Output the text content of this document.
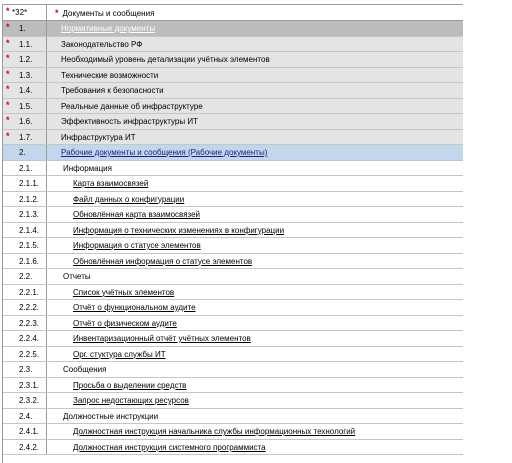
* *32*	* Документы и сообщения
* 1.	Нормативные документы
* 1.1.	Законодательство РФ
* 1.2.	Необходимый уровень детализации учётных элементов
* 1.3.	Технические возможности
* 1.4.	Требования к безопасности
* 1.5.	Реальные данные об инфраструктуре
* 1.6.	Эффективность инфраструктуры ИТ
* 1.7.	Инфраструктура ИТ
2.	Рабочие документы и сообщения (Рабочие документы)
2.1.	Информация
2.1.1.	Карта взаимосвязей
2.1.2.	Файл данных о конфигурации
2.1.3.	Обновлённая карта взаимосвязей
2.1.4.	Информация о технических изменениях в конфигурации
2.1.5.	Информация о статусе элементов
2.1.6.	Обновлённая информация о статусе элементов
2.2.	Отчеты
2.2.1.	Список учётных элементов
2.2.2.	Отчёт о функциональном аудите
2.2.3.	Отчёт о физическом аудите
2.2.4.	Инвентаризационный отчёт учётных элементов
2.2.5.	Орг. стуктура службы ИТ
2.3.	Сообщения
2.3.1.	Просьба о выделении средств
2.3.2.	Запрос недостающих ресурсов
2.4.	Должностные инструкции
2.4.1.	Должностная инструкция начальника службы информационных технологий
2.4.2.	Должностная инструкция системного программиста
